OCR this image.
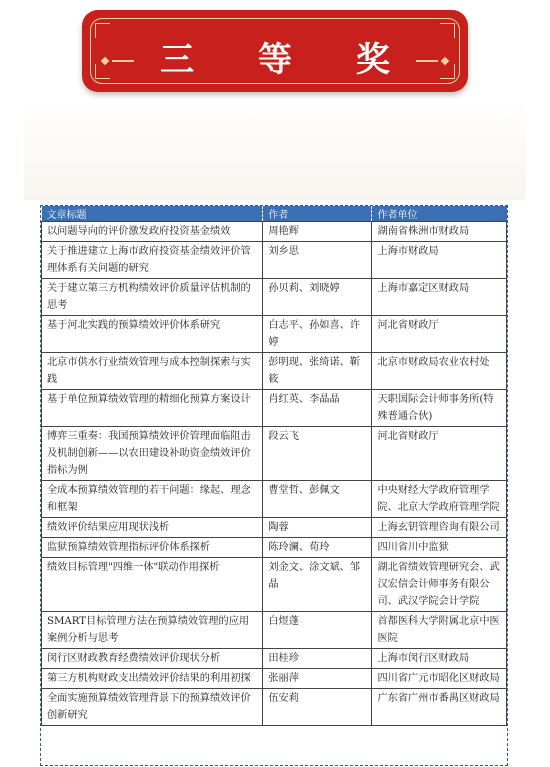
三 等 奖
文章标题	作者	作者单位
以问题导向的评价激发政府投资基金绩效	周艳辉	湖南省株洲市财政局
关于推进建立上海市政府投资基金绩效评价管理体系有关问题的研究	刘乡思	上海市财政局
关于建立第三方机构绩效评价质量评估机制的思考	孙贝莉、刘晓婷	上海市嘉定区财政局
基于河北实践的预算绩效评价体系研究	白志平、孙如喜、许婷	河北省财政厅
北京市供水行业绩效管理与成本控制探索与实践	彭明现、张绮诺、靳筱	北京市财政局农业农村处
基于单位预算绩效管理的精细化预算方案设计	肖红英、李晶晶	天职国际会计师事务所(特殊普通合伙)
博弈三重奏：我国预算绩效评价管理面临阻击及机制创新——以农田建设补助资金绩效评价指标为例	段云飞	河北省财政厅
全成本预算绩效管理的若干问题：缘起、理念和框架	曹堂哲、彭佩文	中央财经大学政府管理学院、北京大学政府管理学院
绩效评价结果应用现状浅析	陶蓉	上海玄钥管理咨询有限公司
监狱预算绩效管理指标评价体系探析	陈玲澜、荀玲	四川省川中监狱
绩效目标管理"四维一体"联动作用探析	刘金文、涂文斌、邹晶	湖北省绩效管理研究会、武汉宏信会计师事务有限公司、武汉学院会计学院
SMART目标管理方法在预算绩效管理的应用案例分析与思考	白煜蓬	首都医科大学附属北京中医医院
闵行区财政教育经费绩效评价现状分析	田桂珍	上海市闵行区财政局
第三方机构财政支出绩效评价结果的利用初探	张丽萍	四川省广元市昭化区财政局
全面实施预算绩效管理背景下的预算绩效评价创新研究	伍安莉	广东省广州市番禺区财政局
